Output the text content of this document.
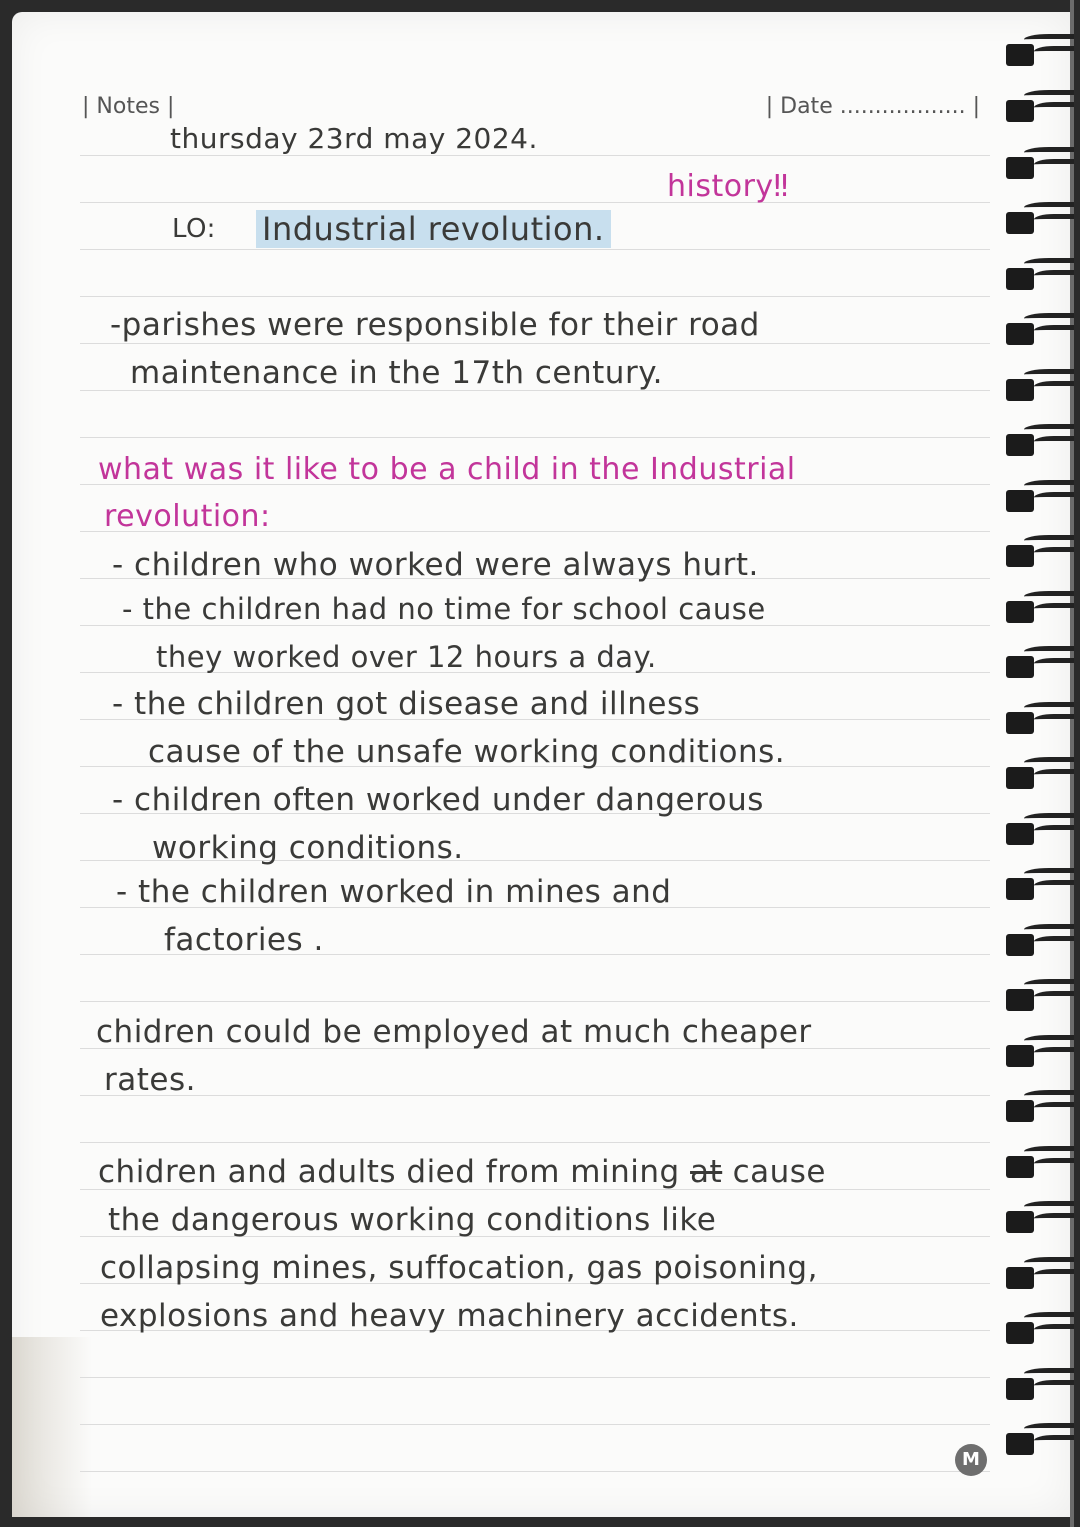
| Notes |	| Date .................. |
thursday 23rd may 2024.
history‼
LO: Industrial revolution.
-parishes were responsible for their road
maintenance in the 17th century.
what was it like to be a child in the Industrial
revolution:
- children who worked were always hurt.
- the children had no time for school cause
they worked over 12 hours a day.
- the children got disease and illness
cause of the unsafe working conditions.
- children often worked under dangerous
working conditions.
- the children worked in mines and
factories .
chidren could be employed at much cheaper
rates.
chidren and adults died from mining at cause
the dangerous working conditions like
collapsing mines, suffocation, gas poisoning,
explosions and heavy machinery accidents.
M
